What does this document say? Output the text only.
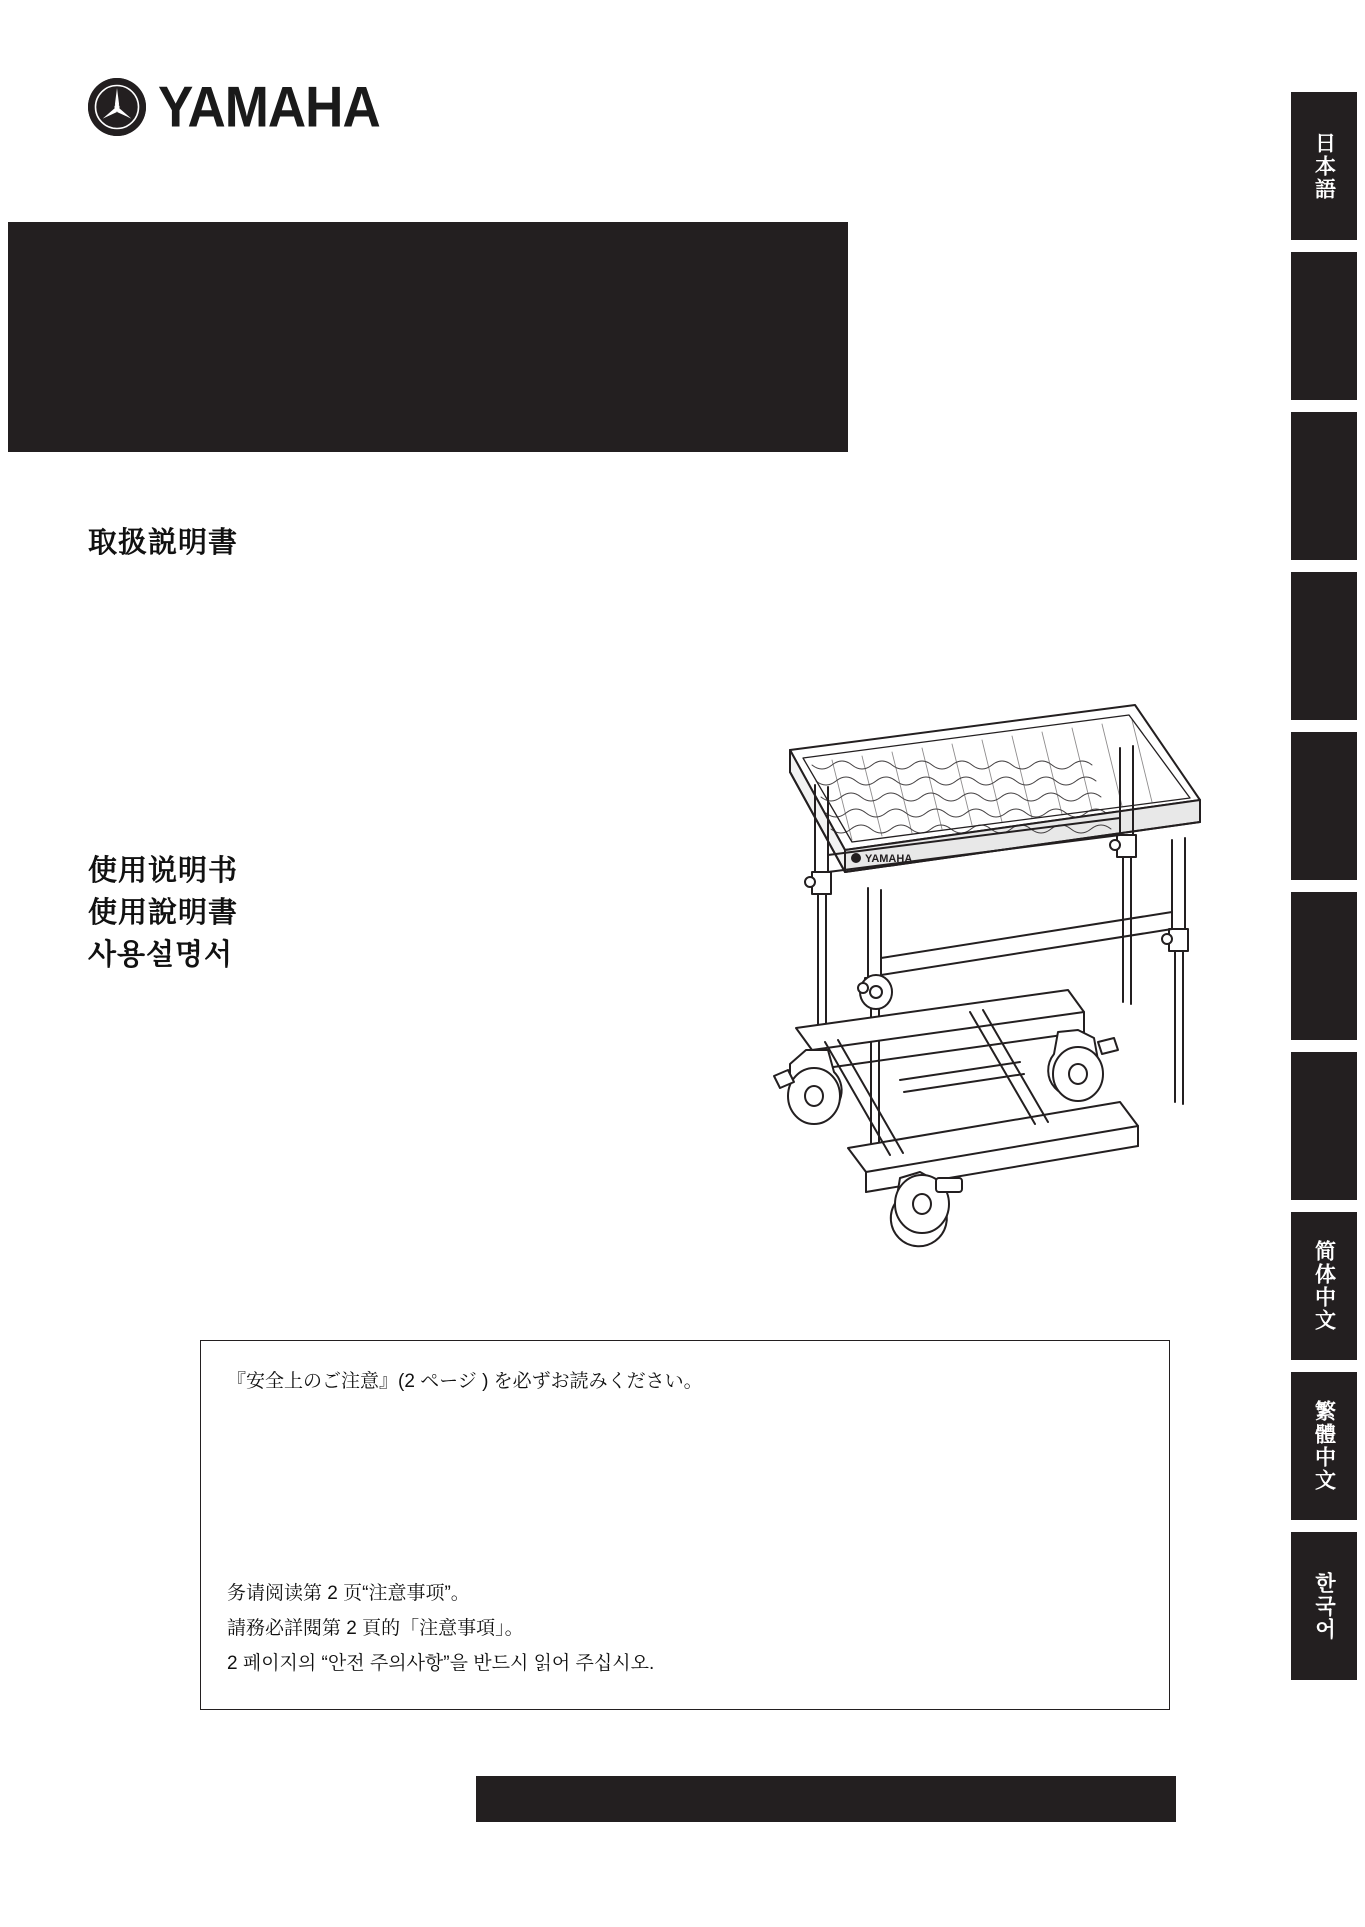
YAMAHA
取扱説明書
使用说明书
使用說明書
사용설명서
YAMAHA
『安全上のご注意』(2 ページ ) を必ずお読みください。
务请阅读第 2 页“注意事项”。
請務必詳閱第 2 頁的「注意事項」。
2 페이지의 “안전 주의사항”을 반드시 읽어 주십시오.
日本語
简体中文
繁體中文
한국어
